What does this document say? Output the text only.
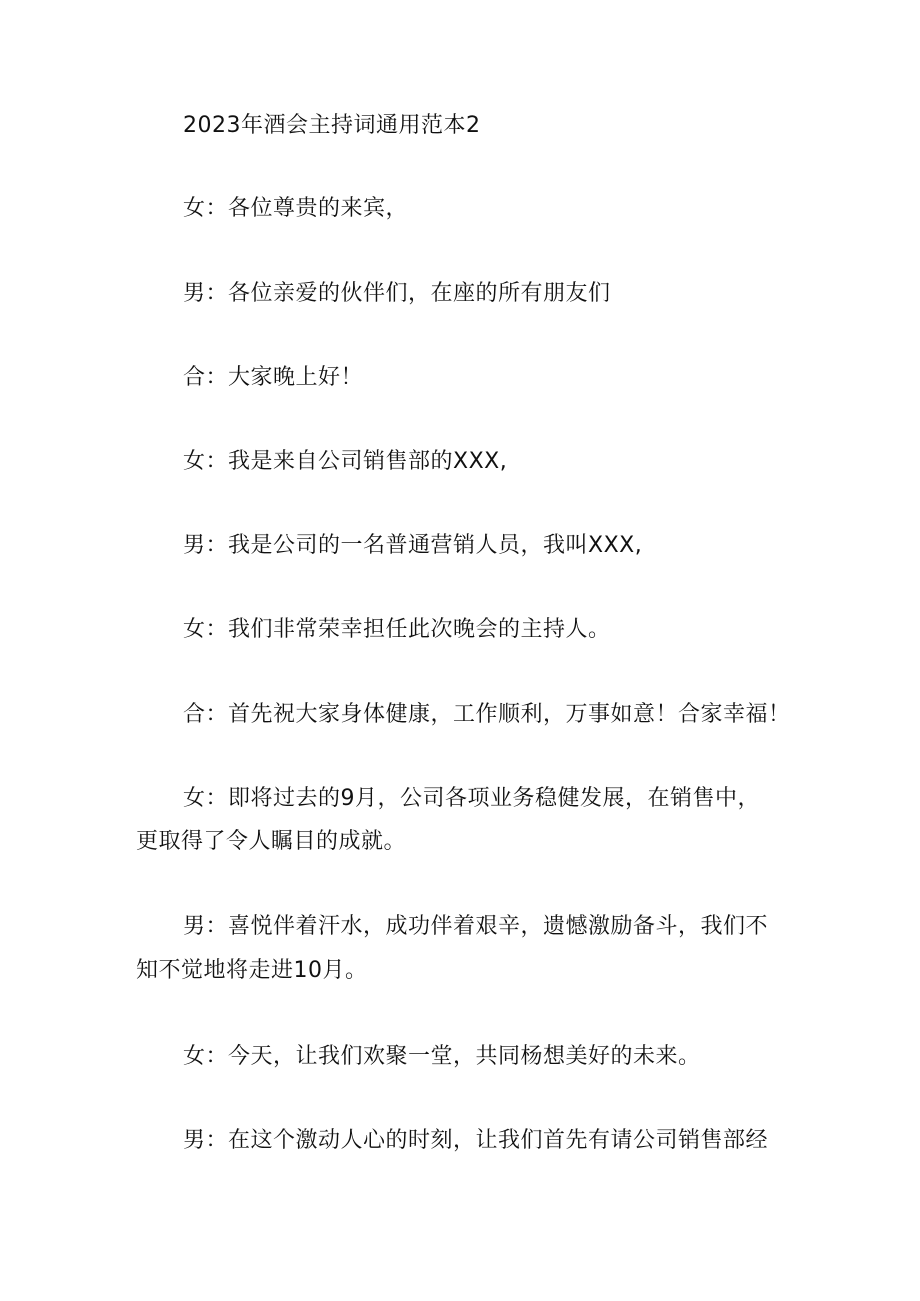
2023年酒会主持词通用范本2
女：各位尊贵的来宾，
男：各位亲爱的伙伴们，在座的所有朋友们
合：大家晚上好！
女：我是来自公司销售部的XXX,
男：我是公司的一名普通营销人员，我叫XXX,
女：我们非常荣幸担任此次晚会的主持人。
合：首先祝大家身体健康，工作顺利，万事如意！合家幸福！
女：即将过去的9月，公司各项业务稳健发展，在销售中，
更取得了令人瞩目的成就。
男：喜悦伴着汗水，成功伴着艰辛，遗憾激励备斗，我们不
知不觉地将走进10月。
女：今天，让我们欢聚一堂，共同杨想美好的未来。
男：在这个激动人心的时刻，让我们首先有请公司销售部经
